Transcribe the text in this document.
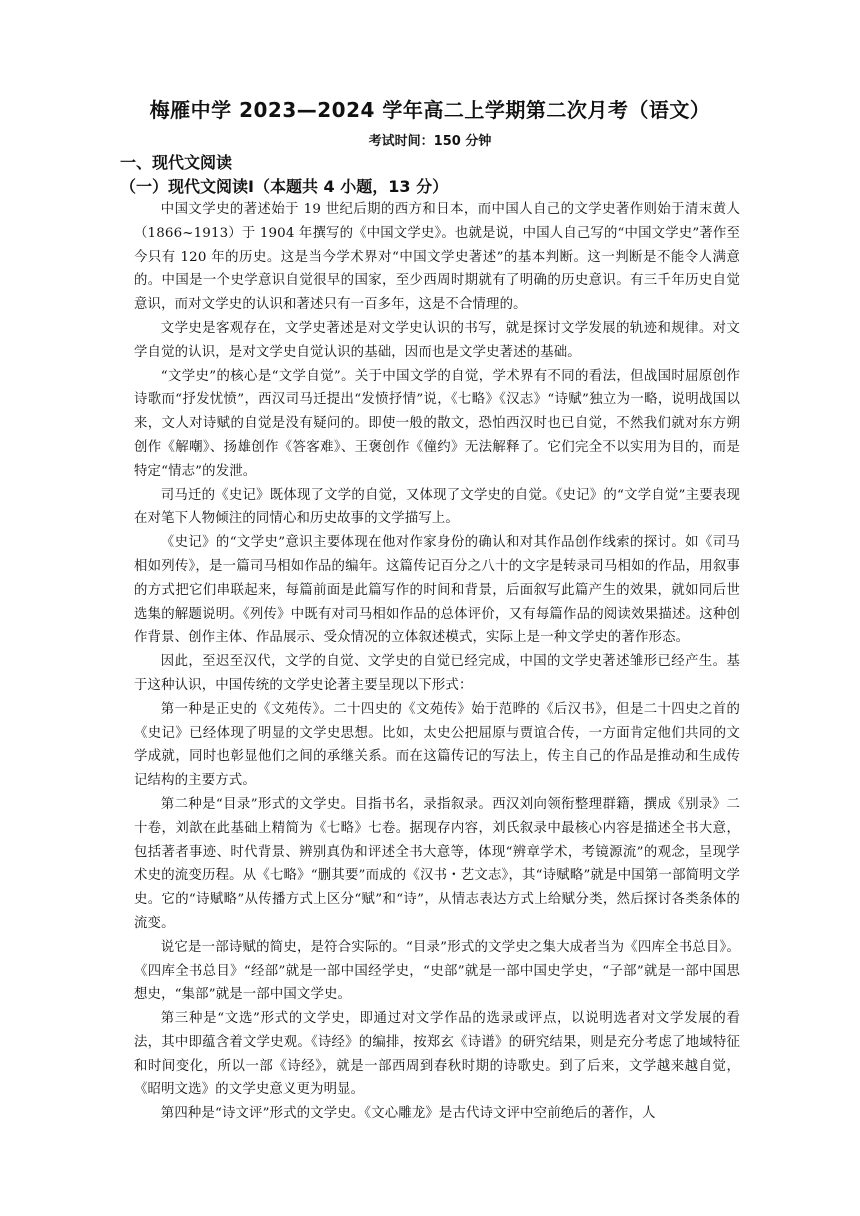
梅雁中学 2023—2024 学年高二上学期第二次月考（语文）
考试时间：150 分钟
一、现代文阅读
（一）现代文阅读Ⅰ（本题共 4 小题，13 分）

中国文学史的著述始于 19 世纪后期的西方和日本，而中国人自己的文学史著作则始于清末黄人（1866~1913）于 1904 年撰写的《中国文学史》。也就是说，中国人自己写的“中国文学史”著作至今只有 120 年的历史。这是当今学术界对“中国文学史著述”的基本判断。这一判断是不能令人满意的。中国是一个史学意识自觉很早的国家，至少西周时期就有了明确的历史意识。有三千年历史自觉意识，而对文学史的认识和著述只有一百多年，这是不合情理的。

文学史是客观存在，文学史著述是对文学史认识的书写，就是探讨文学发展的轨迹和规律。对文学自觉的认识，是对文学史自觉认识的基础，因而也是文学史著述的基础。

“文学史”的核心是“文学自觉”。关于中国文学的自觉，学术界有不同的看法，但战国时屈原创作诗歌而“抒发忧愤”，西汉司马迁提出“发愤抒情”说，《七略》《汉志》“诗赋”独立为一略，说明战国以来，文人对诗赋的自觉是没有疑问的。即使一般的散文，恐怕西汉时也已自觉，不然我们就对东方朔创作《解嘲》、扬雄创作《答客难》、王褒创作《僮约》无法解释了。它们完全不以实用为目的，而是特定“情志”的发泄。

司马迁的《史记》既体现了文学的自觉，又体现了文学史的自觉。《史记》的“文学自觉”主要表现在对笔下人物倾注的同情心和历史故事的文学描写上。

《史记》的“文学史”意识主要体现在他对作家身份的确认和对其作品创作线索的探讨。如《司马相如列传》，是一篇司马相如作品的编年。这篇传记百分之八十的文字是转录司马相如的作品，用叙事的方式把它们串联起来，每篇前面是此篇写作的时间和背景，后面叙写此篇产生的效果，就如同后世选集的解题说明。《列传》中既有对司马相如作品的总体评价，又有每篇作品的阅读效果描述。这种创作背景、创作主体、作品展示、受众情况的立体叙述模式，实际上是一种文学史的著作形态。

因此，至迟至汉代，文学的自觉、文学史的自觉已经完成，中国的文学史著述雏形已经产生。基于这种认识，中国传统的文学史论著主要呈现以下形式：

第一种是正史的《文苑传》。二十四史的《文苑传》始于范晔的《后汉书》，但是二十四史之首的《史记》已经体现了明显的文学史思想。比如，太史公把屈原与贾谊合传，一方面肯定他们共同的文学成就，同时也彰显他们之间的承继关系。而在这篇传记的写法上，传主自己的作品是推动和生成传记结构的主要方式。

第二种是“目录”形式的文学史。目指书名，录指叙录。西汉刘向领衔整理群籍，撰成《别录》二十卷，刘歆在此基础上精简为《七略》七卷。据现存内容，刘氏叙录中最核心内容是描述全书大意，包括著者事迹、时代背景、辨别真伪和评述全书大意等，体现“辨章学术，考镜源流”的观念，呈现学术史的流变历程。从《七略》“删其要”而成的《汉书・艺文志》，其“诗赋略”就是中国第一部简明文学史。它的“诗赋略”从传播方式上区分“赋”和“诗”，从情志表达方式上给赋分类，然后探讨各类条体的流变。

说它是一部诗赋的简史，是符合实际的。“目录”形式的文学史之集大成者当为《四库全书总目》。《四库全书总目》“经部”就是一部中国经学史，“史部”就是一部中国史学史，“子部”就是一部中国思想史，“集部”就是一部中国文学史。

第三种是“文选”形式的文学史，即通过对文学作品的选录或评点，以说明选者对文学发展的看法，其中即蕴含着文学史观。《诗经》的编排，按郑玄《诗谱》的研究结果，则是充分考虑了地域特征和时间变化，所以一部《诗经》，就是一部西周到春秋时期的诗歌史。到了后来，文学越来越自觉，《昭明文选》的文学史意义更为明显。

第四种是“诗文评”形式的文学史。《文心雕龙》是古代诗文评中空前绝后的著作，人
